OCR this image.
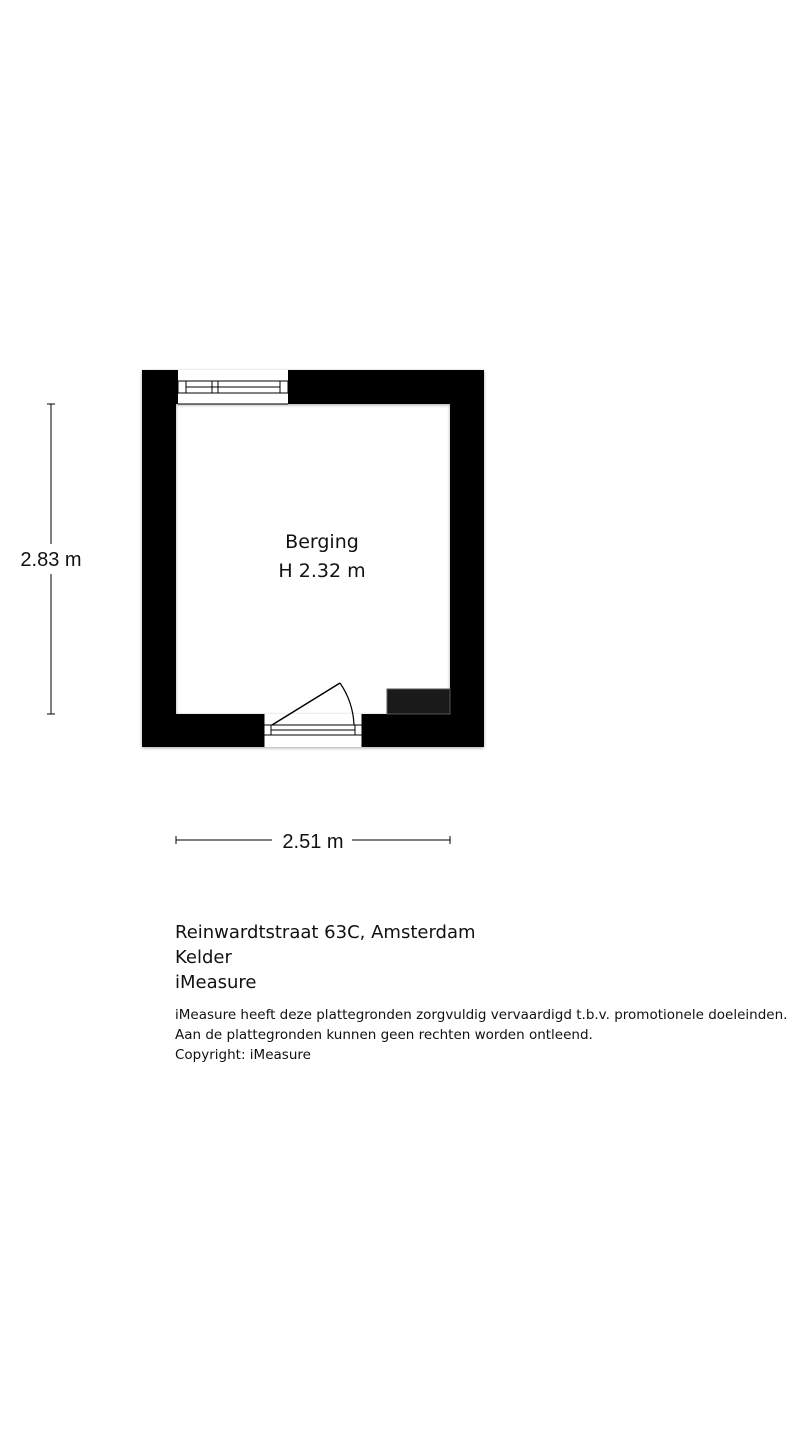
Berging
H 2.32 m
2.83 m
2.51 m
Reinwardtstraat 63C, Amsterdam
Kelder
iMeasure
iMeasure heeft deze plattegronden zorgvuldig vervaardigd t.b.v. promotionele doeleinden.
Aan de plattegronden kunnen geen rechten worden ontleend.
Copyright: iMeasure
